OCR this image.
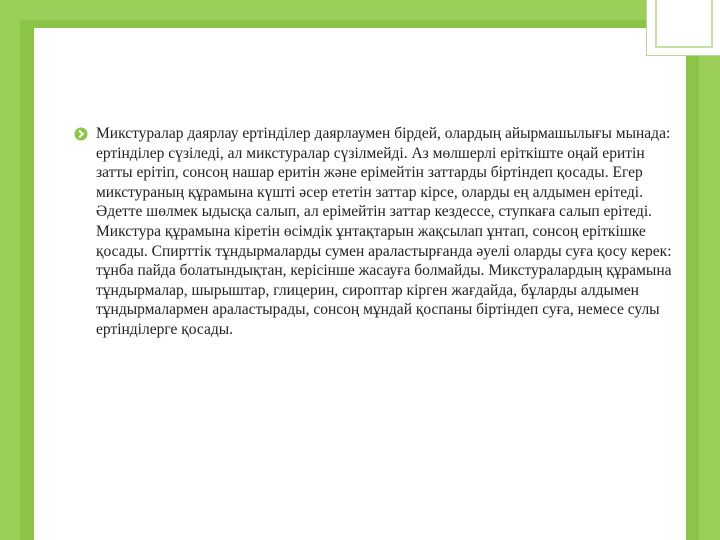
Микстуралар даярлау ертінділер даярлаумен бірдей, олардың айырмашылығы мынада: ертінділер сүзіледі, ал микстуралар сүзілмейді. Аз мөлшерлі еріткіште оңай еритін затты ерітіп, сонсоң нашар еритін және ерімейтін заттарды біртіндеп қосады. Егер микстураның құрамына күшті әсер ететін заттар кірсе, оларды ең алдымен ерітеді. Әдетте шөлмек ыдысқа салып, ал ерімейтін заттар кездессе, ступкаға салып ерітеді. Микстура құрамына кіретін өсімдік ұнтақтарын жақсылап ұнтап, сонсоң еріткішке қосады. Спирттік тұндырмаларды сумен араластырғанда әуелі оларды суға қосу керек: тұнба пайда болатындықтан, керісінше жасауға болмайды. Микстуралардың құрамына тұндырмалар, шырыштар, глицерин, сироптар кірген жағдайда, бұларды алдымен тұндырмалармен араластырады, сонсоң мұндай қоспаны біртіндеп суға, немесе сулы ертінділерге қосады.
